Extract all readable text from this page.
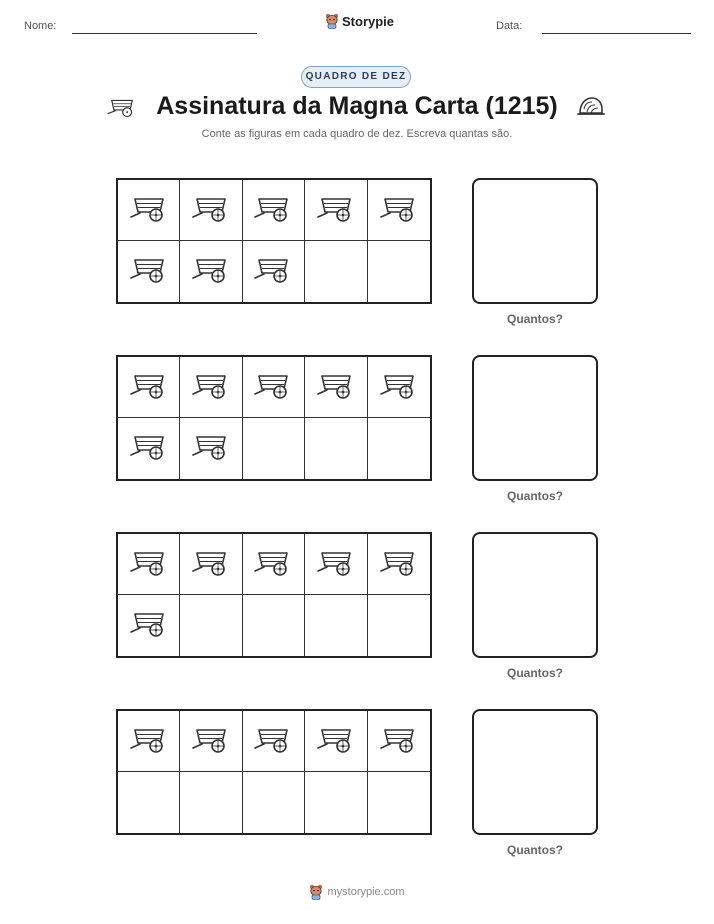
Nome:	Storypie	Data:
QUADRO DE DEZ
Assinatura da Magna Carta (1215)
Conte as figuras em cada quadro de dez. Escreva quantas são.
Quantos?
Quantos?
Quantos?
Quantos?
mystorypie.com
